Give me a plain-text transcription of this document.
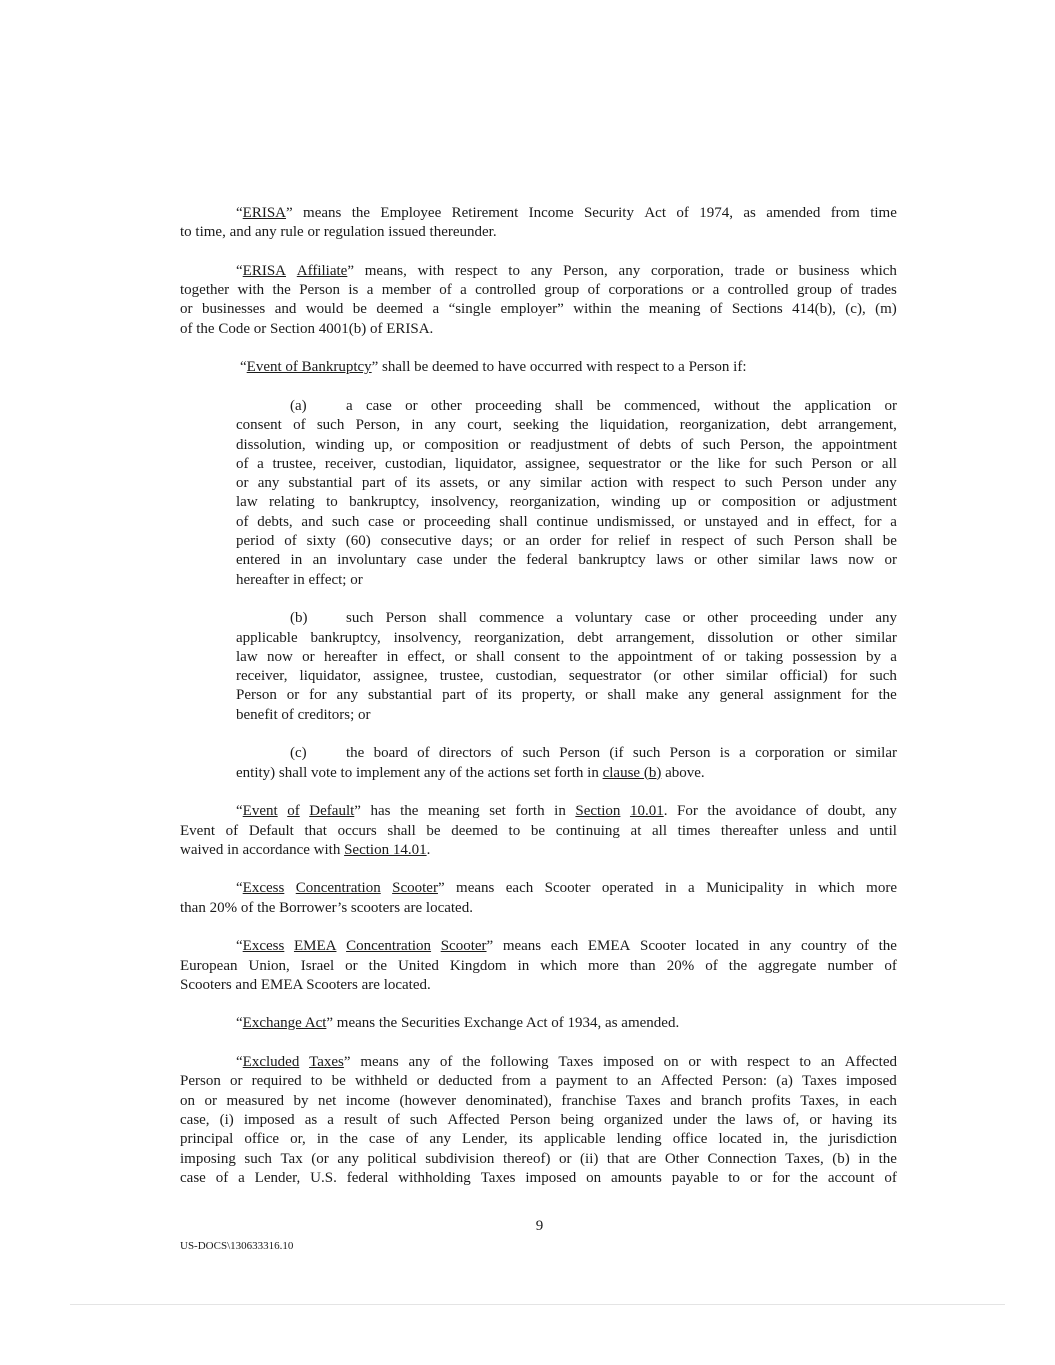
“ERISA” means the Employee Retirement Income Security Act of 1974, as amended from time
to time, and any rule or regulation issued thereunder.
“ERISA Affiliate” means, with respect to any Person, any corporation, trade or business which
together with the Person is a member of a controlled group of corporations or a controlled group of trades
or businesses and would be deemed a “single employer” within the meaning of Sections 414(b), (c), (m)
of the Code or Section 4001(b) of ERISA.
“ Event of Bankruptcy ” shall be deemed to have occurred with respect to a Person if:
(a)	a case or other proceeding shall be commenced, without the application or
consent of such Person, in any court, seeking the liquidation, reorganization, debt arrangement,
dissolution, winding up, or composition or readjustment of debts of such Person, the appointment
of a trustee, receiver, custodian, liquidator, assignee, sequestrator or the like for such Person or all
or any substantial part of its assets, or any similar action with respect to such Person under any
law relating to bankruptcy, insolvency, reorganization, winding up or composition or adjustment
of debts, and such case or proceeding shall continue undismissed, or unstayed and in effect, for a
period of sixty (60) consecutive days; or an order for relief in respect of such Person shall be
entered in an involuntary case under the federal bankruptcy laws or other similar laws now or
hereafter in effect; or
(b)	such Person shall commence a voluntary case or other proceeding under any
applicable bankruptcy, insolvency, reorganization, debt arrangement, dissolution or other similar
law now or hereafter in effect, or shall consent to the appointment of or taking possession by a
receiver, liquidator, assignee, trustee, custodian, sequestrator (or other similar official) for such
Person or for any substantial part of its property, or shall make any general assignment for the
benefit of creditors; or
(c)	the board of directors of such Person (if such Person is a corporation or similar
entity) shall vote to implement any of the actions set forth in clause (b) above.
“Event of Default” has the meaning set forth in Section 10.01. For the avoidance of doubt, any
Event of Default that occurs shall be deemed to be continuing at all times thereafter unless and until
waived in accordance with Section 14.01 .
“Excess Concentration Scooter” means each Scooter operated in a Municipality in which more
than 20% of the Borrower’s scooters are located.
“Excess EMEA Concentration Scooter” means each EMEA Scooter located in any country of the
European Union, Israel or the United Kingdom in which more than 20% of the aggregate number of
Scooters and EMEA Scooters are located.
“ Exchange Act ” means the Securities Exchange Act of 1934, as amended.
“Excluded Taxes” means any of the following Taxes imposed on or with respect to an Affected
Person or required to be withheld or deducted from a payment to an Affected Person: (a) Taxes imposed
on or measured by net income (however denominated), franchise Taxes and branch profits Taxes, in each
case, (i) imposed as a result of such Affected Person being organized under the laws of, or having its
principal office or, in the case of any Lender, its applicable lending office located in, the jurisdiction
imposing such Tax (or any political subdivision thereof) or (ii) that are Other Connection Taxes, (b) in the
case of a Lender, U.S. federal withholding Taxes imposed on amounts payable to or for the account of
9
US-DOCS\130633316.10
